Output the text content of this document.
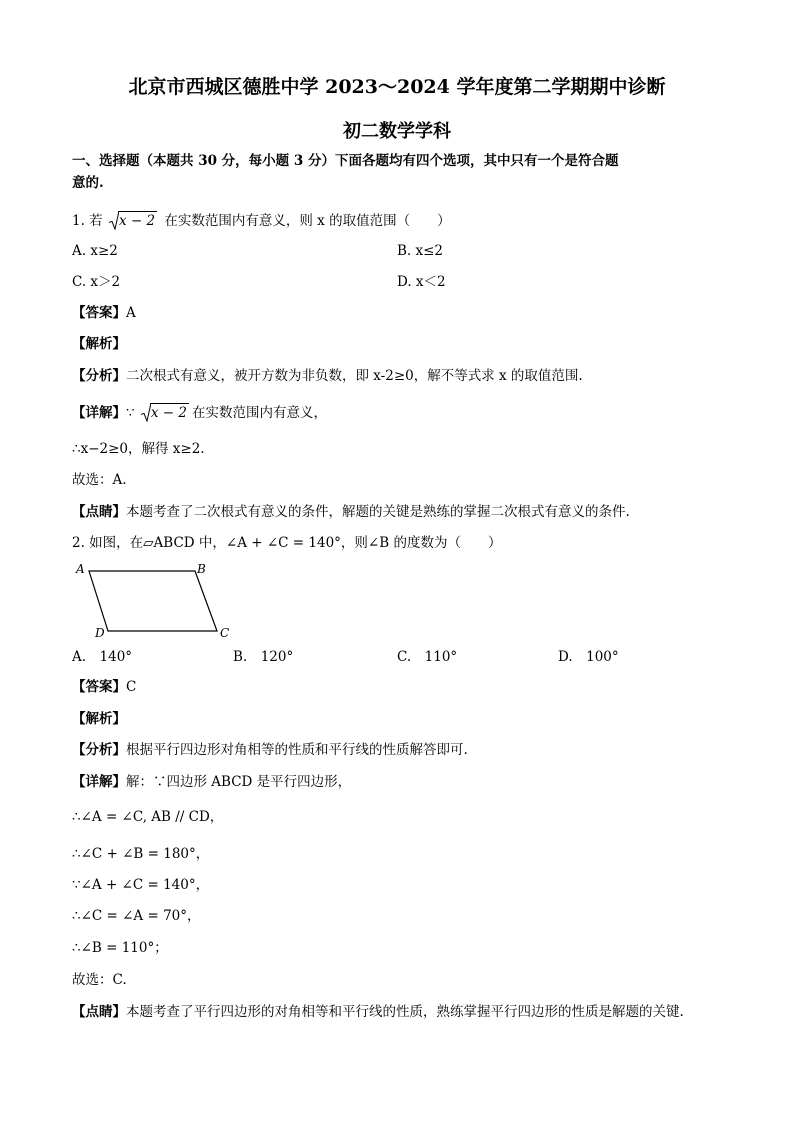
北京市西城区德胜中学 2023～2024 学年度第二学期期中诊断
初二数学学科
一、选择题（本题共 30 分，每小题 3 分）下面各题均有四个选项，其中只有一个是符合题
意的.
1. 若 x − 2 在实数范围内有意义，则 x 的取值范围（　　）
A. x≥2	B. x≤2
C. x＞2	D. x＜2
【答案】A
【解析】
【分析】二次根式有意义，被开方数为非负数，即 x-2≥0，解不等式求 x 的取值范围.
【详解】∵ x − 2 在实数范围内有意义，
∴x−2≥0，解得 x≥2.
故选：A.
【点睛】本题考查了二次根式有意义的条件，解题的关键是熟练的掌握二次根式有意义的条件.
2. 如图，在▱ABCD 中，∠A + ∠C = 140°，则∠B 的度数为（　　）
A	B
C
D
A.　140°	B.　120°	C.　110°	D.　100°
【答案】C
【解析】
【分析】根据平行四边形对角相等的性质和平行线的性质解答即可.
【详解】解：∵四边形 ABCD 是平行四边形，
∴∠A = ∠C, AB // CD，
∴∠C + ∠B = 180°，
∵∠A + ∠C = 140°，
∴∠C = ∠A = 70°，
∴∠B = 110°；
故选：C.
【点睛】本题考查了平行四边形的对角相等和平行线的性质，熟练掌握平行四边形的性质是解题的关键.
